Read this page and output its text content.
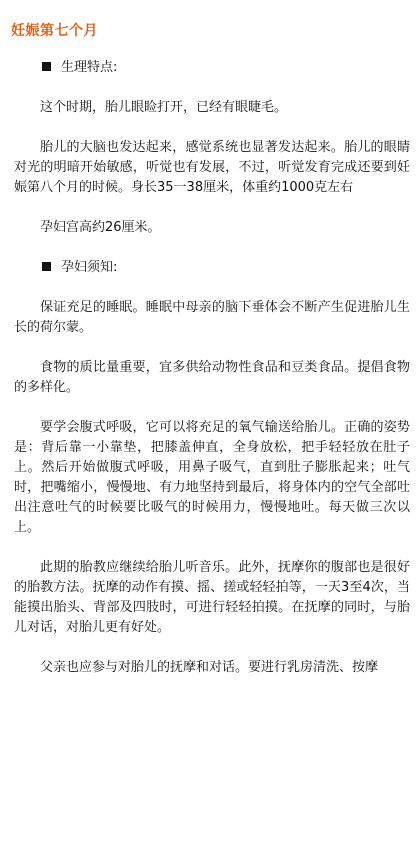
妊娠第七个月
生理特点:

这个时期，胎儿眼睑打开，已经有眼睫毛。

胎儿的大脑也发达起来，感觉系统也显著发达起来。胎儿的眼睛对光的明暗开始敏感，听觉也有发展，不过，听觉发育完成还要到妊娠第八个月的时候。身长35一38厘米，体重约1000克左右

孕妇宫高约26厘米。

孕妇须知:

保证充足的睡眠。睡眠中母亲的脑下垂体会不断产生促进胎儿生长的荷尔蒙。

食物的质比量重要，宜多供给动物性食品和豆类食品。提倡食物的多样化。

要学会腹式呼吸，它可以将充足的氧气输送给胎儿。正确的姿势是：背后靠一小靠垫，把膝盖伸直，全身放松，把手轻轻放在肚子上。然后开始做腹式呼吸，用鼻子吸气，直到肚子膨胀起来；吐气时，把嘴缩小，慢慢地、有力地坚持到最后，将身体内的空气全部吐出注意吐气的时候要比吸气的时候用力，慢慢地吐。每天做三次以上。

此期的胎教应继续给胎儿听音乐。此外，抚摩你的腹部也是很好的胎教方法。抚摩的动作有摸、摇、搓或轻轻拍等，一天3至4次，当能摸出胎头、背部及四肢时，可进行轻轻拍摸。在抚摩的同时，与胎儿对话，对胎儿更有好处。

父亲也应参与对胎儿的抚摩和对话。要进行乳房清洗、按摩
